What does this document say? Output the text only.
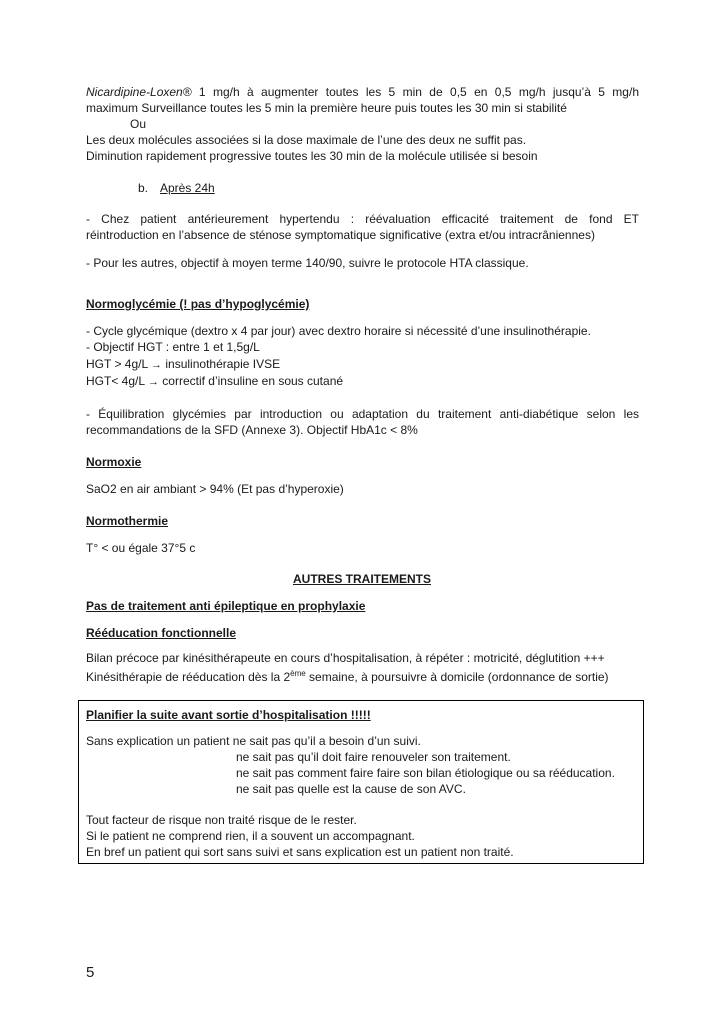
Nicardipine-Loxen® 1 mg/h à augmenter toutes les 5 min de 0,5 en 0,5 mg/h jusqu’à 5 mg/h
maximum Surveillance toutes les 5 min la première heure puis toutes les 30 min si stabilité
Ou
Les deux molécules associées si la dose maximale de l’une des deux ne suffit pas.
Diminution rapidement progressive toutes les 30 min de la molécule utilisée si besoin
b. Après 24h
- Chez patient antérieurement hypertendu : réévaluation efficacité traitement de fond ET
réintroduction en l’absence de sténose symptomatique significative (extra et/ou intracrâniennes)
- Pour les autres, objectif à moyen terme 140/90, suivre le protocole HTA classique.
Normoglycémie (! pas d’hypoglycémie)
- Cycle glycémique (dextro x 4 par jour) avec dextro horaire si nécessité d’une insulinothérapie.
- Objectif HGT : entre 1 et 1,5g/L
HGT > 4g/L → insulinothérapie IVSE
HGT< 4g/L → correctif d’insuline en sous cutané
- Équilibration glycémies par introduction ou adaptation du traitement anti-diabétique selon les
recommandations de la SFD (Annexe 3). Objectif HbA1c < 8%
Normoxie
SaO2 en air ambiant > 94% (Et pas d’hyperoxie)
Normothermie
T° < ou égale 37°5 c
AUTRES TRAITEMENTS
Pas de traitement anti épileptique en prophylaxie
Rééducation fonctionnelle
Bilan précoce par kinésithérapeute en cours d’hospitalisation, à répéter : motricité, déglutition +++
Kinésithérapie de rééducation dès la 2ème semaine, à poursuivre à domicile (ordonnance de sortie)
Planifier la suite avant sortie d’hospitalisation !!!!!
Sans explication un patient ne sait pas qu’il a besoin d’un suivi.
ne sait pas qu’il doit faire renouveler son traitement.
ne sait pas comment faire faire son bilan étiologique ou sa rééducation.
ne sait pas quelle est la cause de son AVC.
Tout facteur de risque non traité risque de le rester.
Si le patient ne comprend rien, il a souvent un accompagnant.
En bref un patient qui sort sans suivi et sans explication est un patient non traité.
5
